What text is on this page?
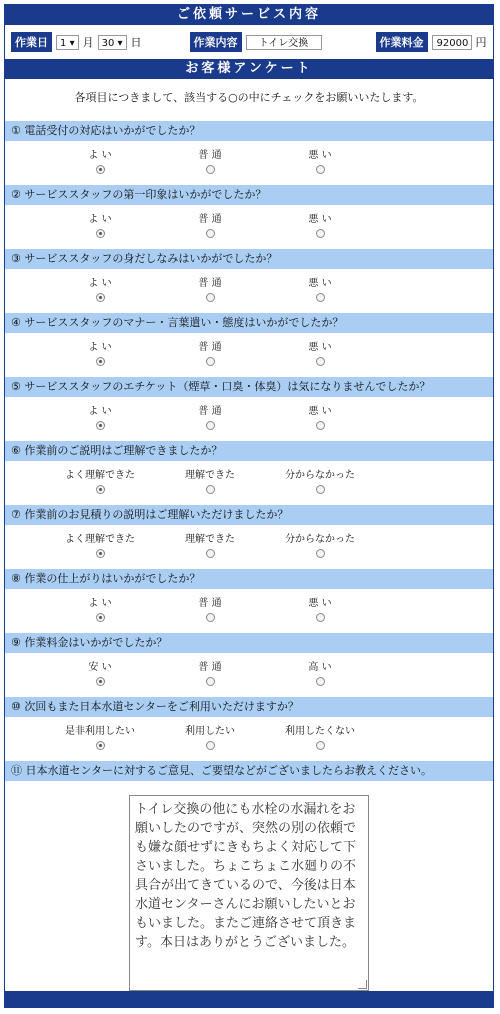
ご依頼サービス内容
作業日	1 ▾ 月 30 ▾ 日	作業内容	トイレ交換	作業料金	92000 円
お客様アンケート
各項目につきまして、該当する○の中にチェックをお願いいたします。
① 電話受付の対応はいかがでしたか？
よ い	普 通	悪 い
② サービススタッフの第一印象はいかがでしたか？
よ い	普 通	悪 い
③ サービススタッフの身だしなみはいかがでしたか？
よ い	普 通	悪 い
④ サービススタッフのマナー・言葉遣い・態度はいかがでしたか？
よ い	普 通	悪 い
⑤ サービススタッフのエチケット（煙草・口臭・体臭）は気になりませんでしたか？
よ い	普 通	悪 い
⑥ 作業前のご説明はご理解できましたか？
よく理解できた	理解できた	分からなかった
⑦ 作業前のお見積りの説明はご理解いただけましたか？
よく理解できた	理解できた	分からなかった
⑧ 作業の仕上がりはいかがでしたか？
よ い	普 通	悪 い
⑨ 作業料金はいかがでしたか？
安 い	普 通	高 い
⑩ 次回もまた日本水道センターをご利用いただけますか？
是非利用したい	利用したい	利用したくない
⑪ 日本水道センターに対するご意見、ご要望などがございましたらお教えください。
トイレ交換の他にも水栓の水漏れをお願いしたのですが、突然の別の依頼でも嫌な顔せずにきもちよく対応して下さいました。ちょこちょこ水廻りの不具合が出てきているので、今後は日本水道センターさんにお願いしたいとおもいました。またご連絡させて頂きます。本日はありがとうございました。
